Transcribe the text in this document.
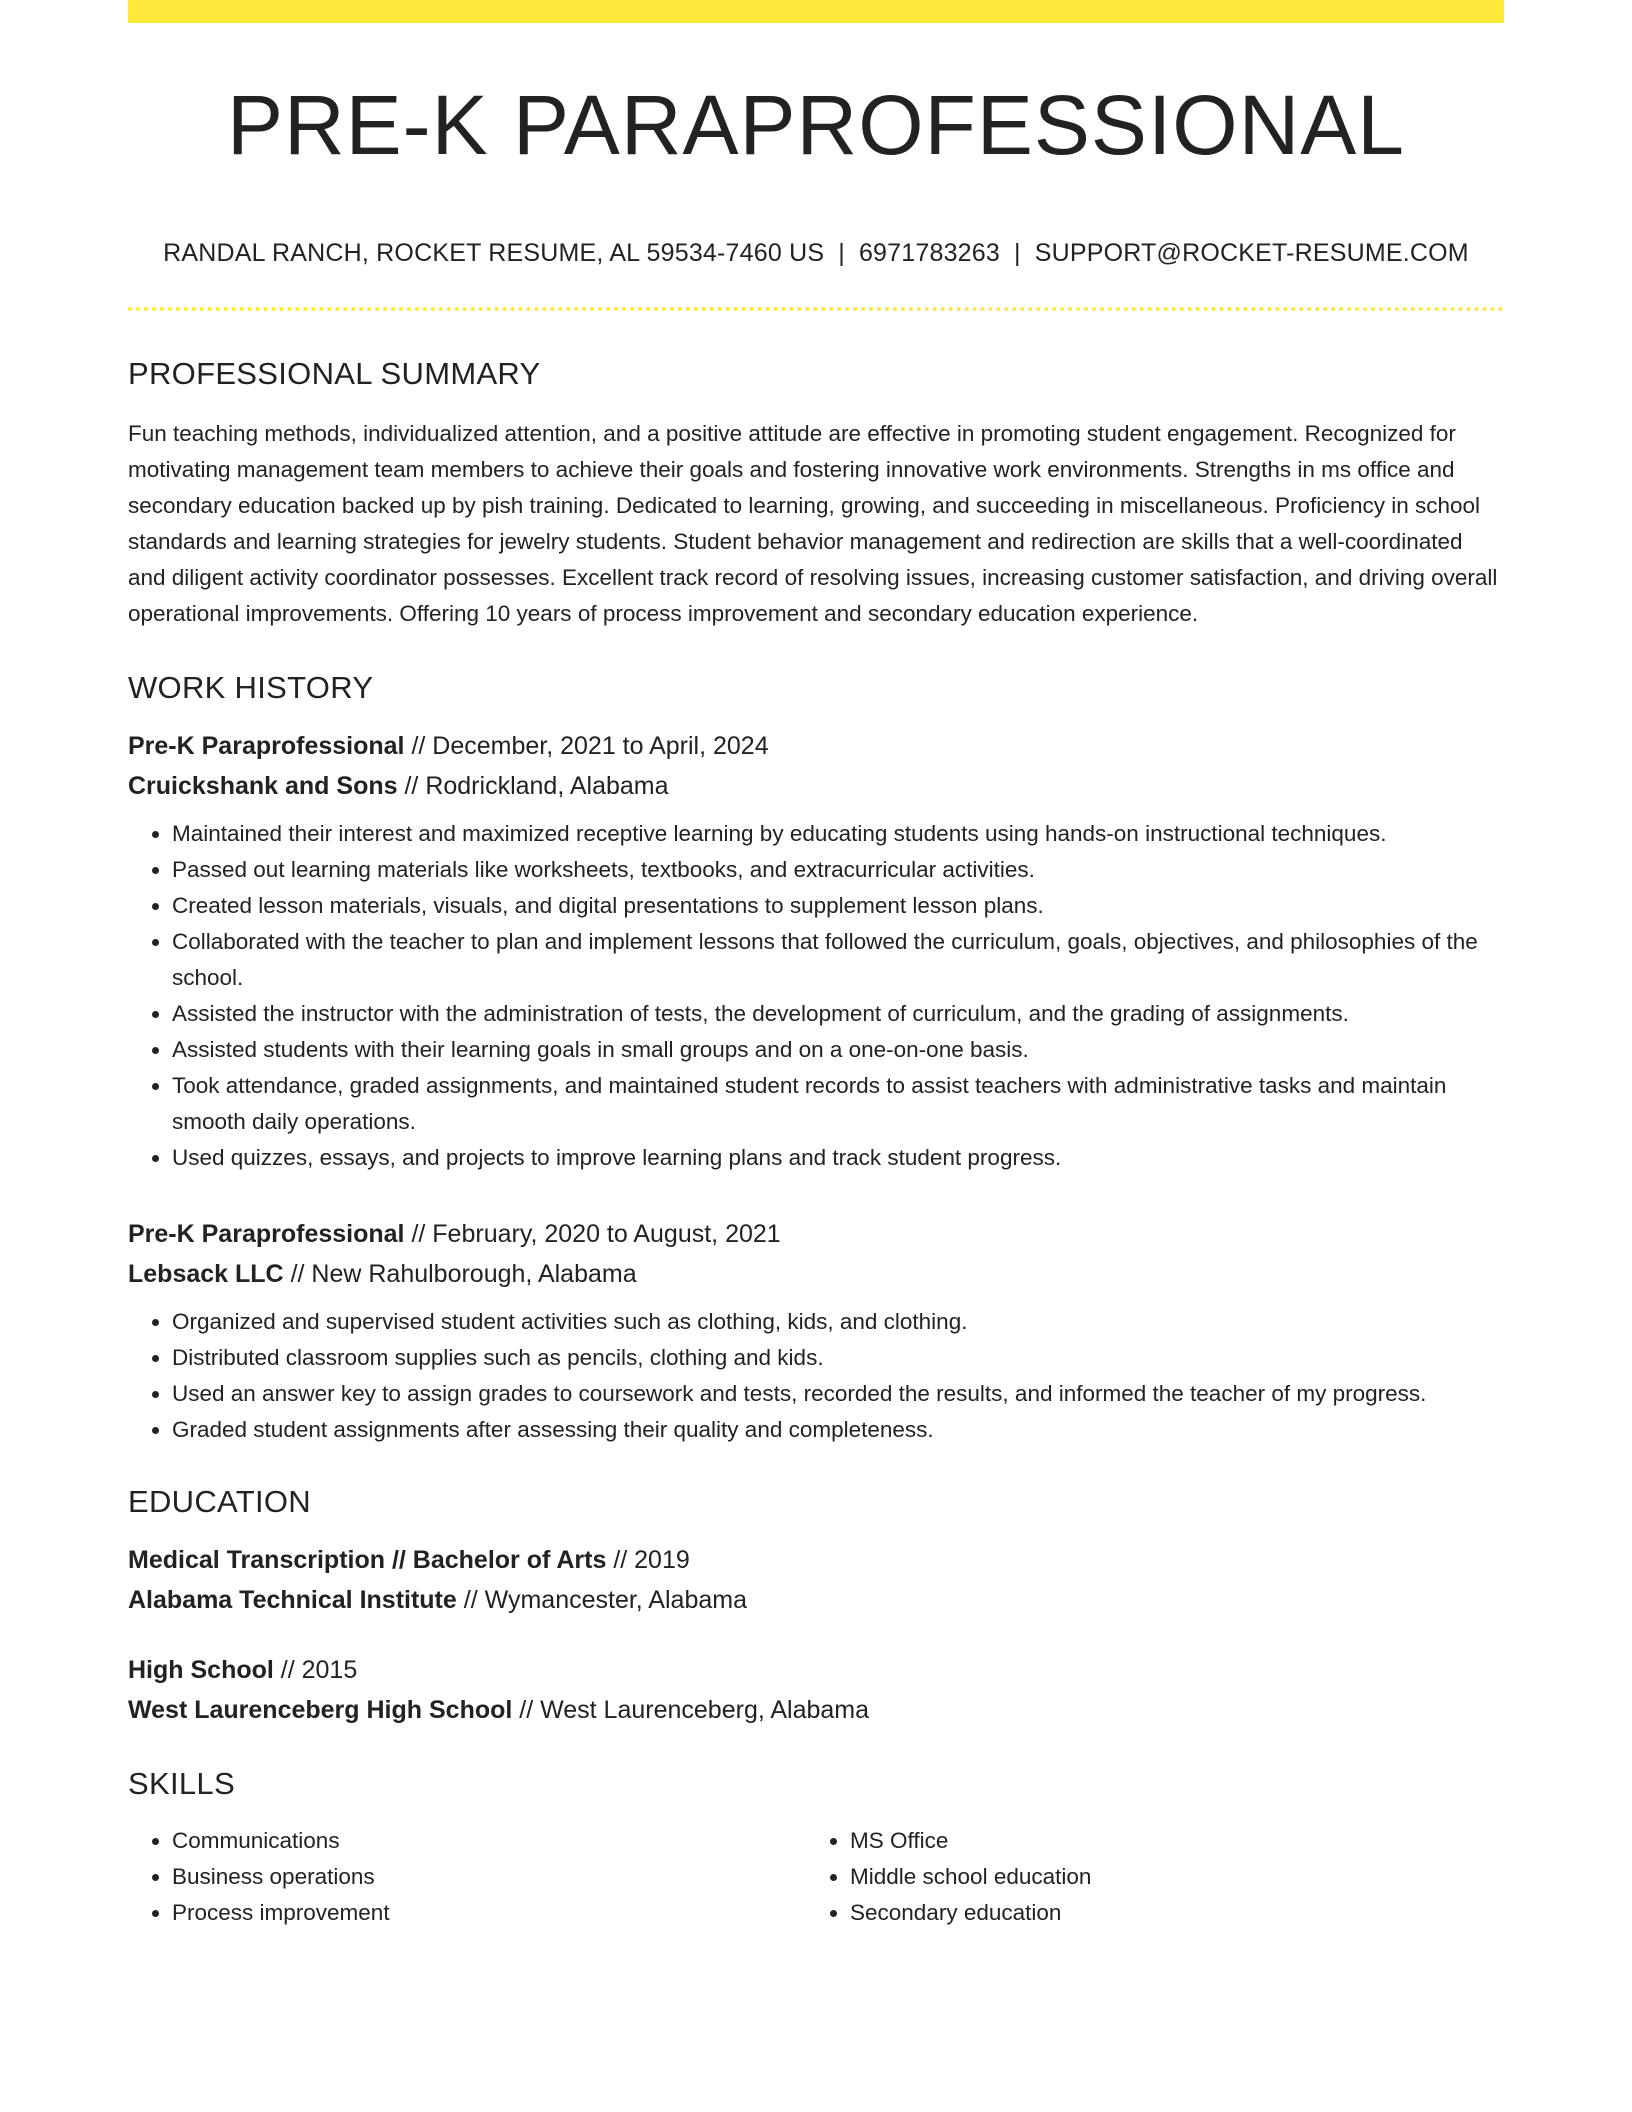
PRE-K PARAPROFESSIONAL
RANDAL RANCH, ROCKET RESUME, AL 59534-7460 US | 6971783263 | SUPPORT@ROCKET-RESUME.COM
PROFESSIONAL SUMMARY

Fun teaching methods, individualized attention, and a positive attitude are effective in promoting student engagement. Recognized for motivating management team members to achieve their goals and fostering innovative work environments. Strengths in ms office and secondary education backed up by pish training. Dedicated to learning, growing, and succeeding in miscellaneous. Proficiency in school standards and learning strategies for jewelry students. Student behavior management and redirection are skills that a well-coordinated and diligent activity coordinator possesses. Excellent track record of resolving issues, increasing customer satisfaction, and driving overall operational improvements. Offering 10 years of process improvement and secondary education experience.

WORK HISTORY
Pre-K Paraprofessional // December, 2021 to April, 2024
Cruickshank and Sons // Rodrickland, Alabama
• Maintained their interest and maximized receptive learning by educating students using hands-on instructional techniques.
• Passed out learning materials like worksheets, textbooks, and extracurricular activities.
• Created lesson materials, visuals, and digital presentations to supplement lesson plans.
• Collaborated with the teacher to plan and implement lessons that followed the curriculum, goals, objectives, and philosophies of the school.
• Assisted the instructor with the administration of tests, the development of curriculum, and the grading of assignments.
• Assisted students with their learning goals in small groups and on a one-on-one basis.
• Took attendance, graded assignments, and maintained student records to assist teachers with administrative tasks and maintain smooth daily operations.
• Used quizzes, essays, and projects to improve learning plans and track student progress.
Pre-K Paraprofessional // February, 2020 to August, 2021
Lebsack LLC // New Rahulborough, Alabama
• Organized and supervised student activities such as clothing, kids, and clothing.
• Distributed classroom supplies such as pencils, clothing and kids.
• Used an answer key to assign grades to coursework and tests, recorded the results, and informed the teacher of my progress.
• Graded student assignments after assessing their quality and completeness.
EDUCATION
Medical Transcription // Bachelor of Arts // 2019
Alabama Technical Institute // Wymancester, Alabama
High School // 2015
West Laurenceberg High School // West Laurenceberg, Alabama
SKILLS
• Communications
• Business operations
• Process improvement
• MS Office
• Middle school education
• Secondary education
